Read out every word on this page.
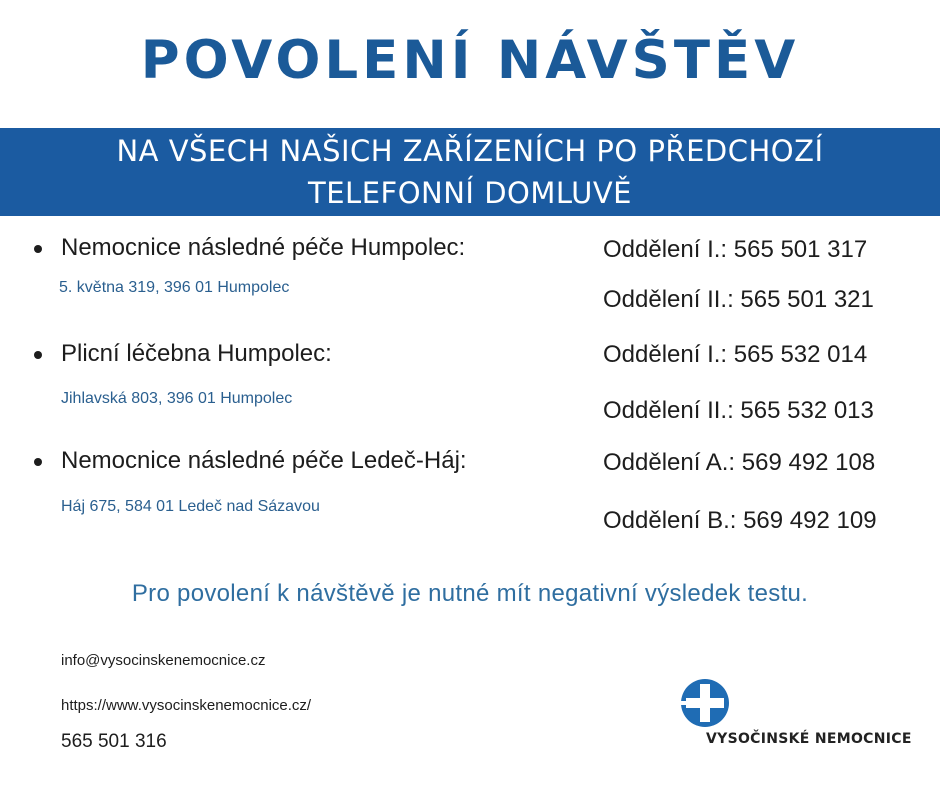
POVOLENÍ NÁVŠTĚV
NA VŠECH NAŠICH ZAŘÍZENÍCH PO PŘEDCHOZÍ
TELEFONNÍ DOMLUVĚ
Nemocnice následné péče Humpolec:
5. května 319, 396 01 Humpolec
Oddělení I.: 565 501 317
Oddělení II.: 565 501 321
Plicní léčebna Humpolec:
Jihlavská 803, 396 01 Humpolec
Oddělení I.: 565 532 014
Oddělení II.: 565 532 013
Nemocnice následné péče Ledeč-Háj:
Háj 675, 584 01 Ledeč nad Sázavou
Oddělení A.: 569 492 108
Oddělení B.: 569 492 109
Pro povolení k návštěvě je nutné mít negativní výsledek testu.
info@vysocinskenemocnice.cz
https://www.vysocinskenemocnice.cz/
565 501 316	VYSOČINSKÉ NEMOCNICE
